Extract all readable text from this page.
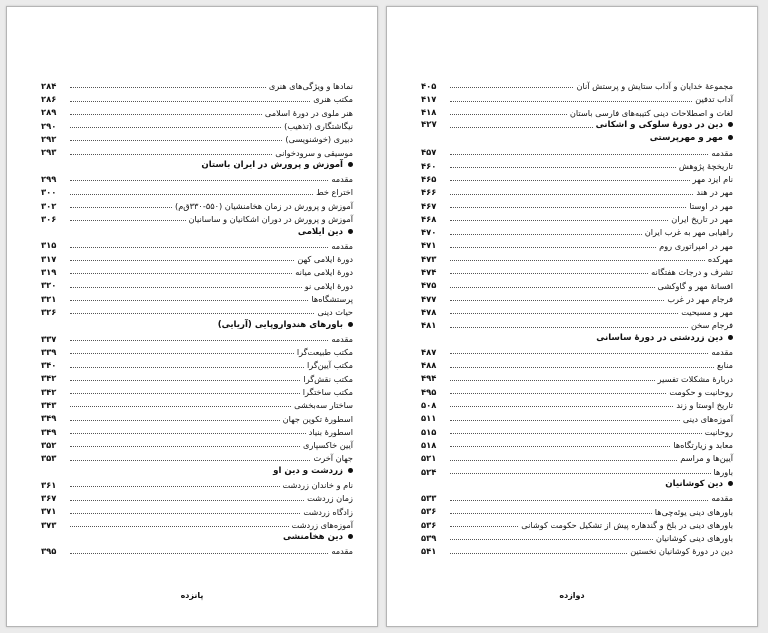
نمادها و ویژگی‌های هنری
۲۸۴
مکتب هنری
۲۸۶
هنر ملوی در دورهٔ اسلامی
۲۸۹
نیگاشتگاری (تذهیب)
۲۹۰
دبیری (خوشنویسی)
۲۹۲
موسیقی و سرودخوانی
۲۹۳
آموزش و پرورش در ایران باستان
مقدمه
۲۹۹
اختراع خط
۳۰۰
آموزش و پرورش در زمان هخامنشیان (۵۵۰-۳۳۰ق‌م)
۳۰۲
آموزش و پرورش در دوران اشکانیان و ساسانیان
۳۰۶
دین ایلامی
مقدمه
۳۱۵
دورهٔ ایلامی کهن
۳۱۷
دورهٔ ایلامی میانه
۳۱۹
دورهٔ ایلامی نو
۳۲۰
پرستشگاه‌ها
۳۲۱
حیات دینی
۳۲۶
باورهای هندواروپایی (آریایی)
مقدمه
۳۳۷
مکتب طبیعت‌گرا
۳۳۹
مکتب آیین‌گرا
۳۴۰
مکتب نقش‌گرا
۳۴۲
مکتب ساختگرا
۳۴۲
ساختار سه‌بخشی
۳۴۳
اسطورهٔ تکوین جهان
۳۴۹
اسطورهٔ بنیاد
۳۴۹
آیین خاکسپاری
۳۵۲
جهان آخرت
۳۵۳
زردشت و دین او
نام و خاندان زردشت
۳۶۱
زمان زردشت
۳۶۷
زادگاه زردشت
۳۷۱
آموزه‌های زردشت
۳۷۳
دین هخامنشی
مقدمه
۳۹۵
پانزده
مجموعهٔ خدایان و آداب ستایش و پرستش آنان
۴۰۵
آداب تدفین
۴۱۷
لغات و اصطلاحات دینی کتیبه‌های فارسی باستان
۴۱۸
دین در دورهٔ سلوکی و اشکانی
۴۲۷
مهر و مهرپرستی
مقدمه
۴۵۷
تاریخچهٔ پژوهش
۴۶۰
نام ایزد مهر
۴۶۵
مهر در هند
۴۶۶
مهر در اوستا
۴۶۷
مهر در تاریخ ایران
۴۶۸
راهیابی مهر به غرب ایران
۴۷۰
مهر در امپراتوری روم
۴۷۱
مهرکده
۴۷۳
تشرف و درجات هفتگانه
۴۷۴
افسانهٔ مهر و گاوکشی
۴۷۵
فرجام مهر در غرب
۴۷۷
مهر و مسیحیت
۴۷۸
فرجام سخن
۴۸۱
دین زردشتی در دورهٔ ساسانی
مقدمه
۴۸۷
منابع
۴۸۸
دربارهٔ مشکلات تفسیر
۴۹۴
روحانیت و حکومت
۴۹۵
تاریخ اوستا و زند
۵۰۸
آموزه‌های دینی
۵۱۱
روحانیت
۵۱۵
معابد و زیارتگاه‌ها
۵۱۸
آیین‌ها و مراسم
۵۲۱
باورها
۵۲۴
دین کوشانیان
مقدمه
۵۳۳
باورهای دینی یوئه‌چی‌ها
۵۳۶
باورهای دینی در بلخ و گندهاره پیش از تشکیل حکومت کوشانی
۵۳۶
باورهای دینی کوشانیان
۵۳۹
دین در دورهٔ کوشانیان نخستین
۵۴۱
دوازده
